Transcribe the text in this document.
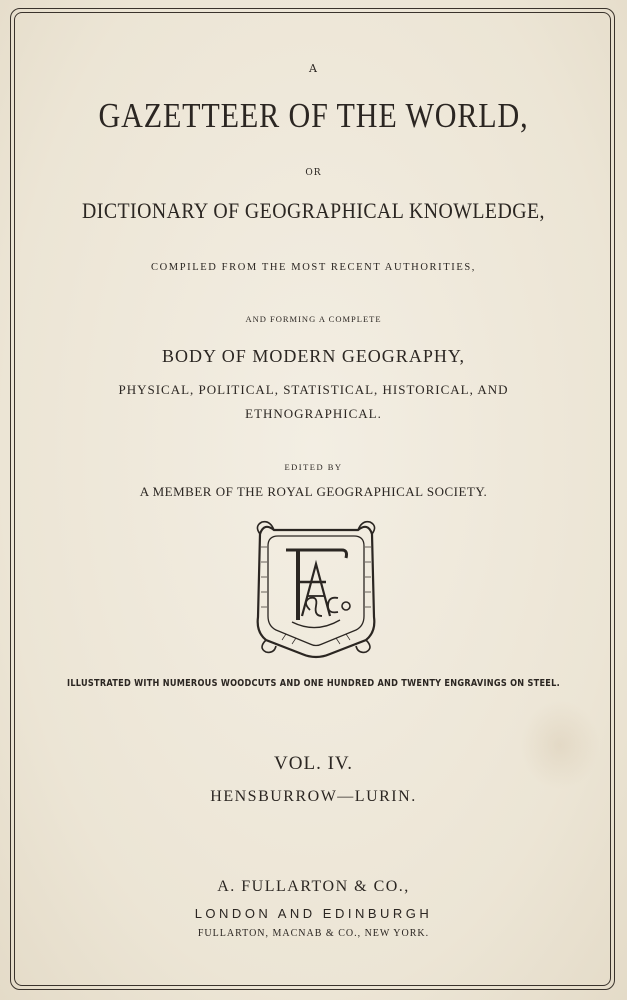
A
GAZETTEER OF THE WORLD,
OR
DICTIONARY OF GEOGRAPHICAL KNOWLEDGE,
COMPILED FROM THE MOST RECENT AUTHORITIES,
AND FORMING A COMPLETE
BODY OF MODERN GEOGRAPHY,
PHYSICAL, POLITICAL, STATISTICAL, HISTORICAL, AND
ETHNOGRAPHICAL.
EDITED BY
A MEMBER OF THE ROYAL GEOGRAPHICAL SOCIETY.
ILLUSTRATED WITH NUMEROUS WOODCUTS AND ONE HUNDRED AND TWENTY ENGRAVINGS ON STEEL.
VOL. IV.
HENSBURROW—LURIN.
A. FULLARTON & CO.,
LONDON AND EDINBURGH
FULLARTON, MACNAB & CO., NEW YORK.
